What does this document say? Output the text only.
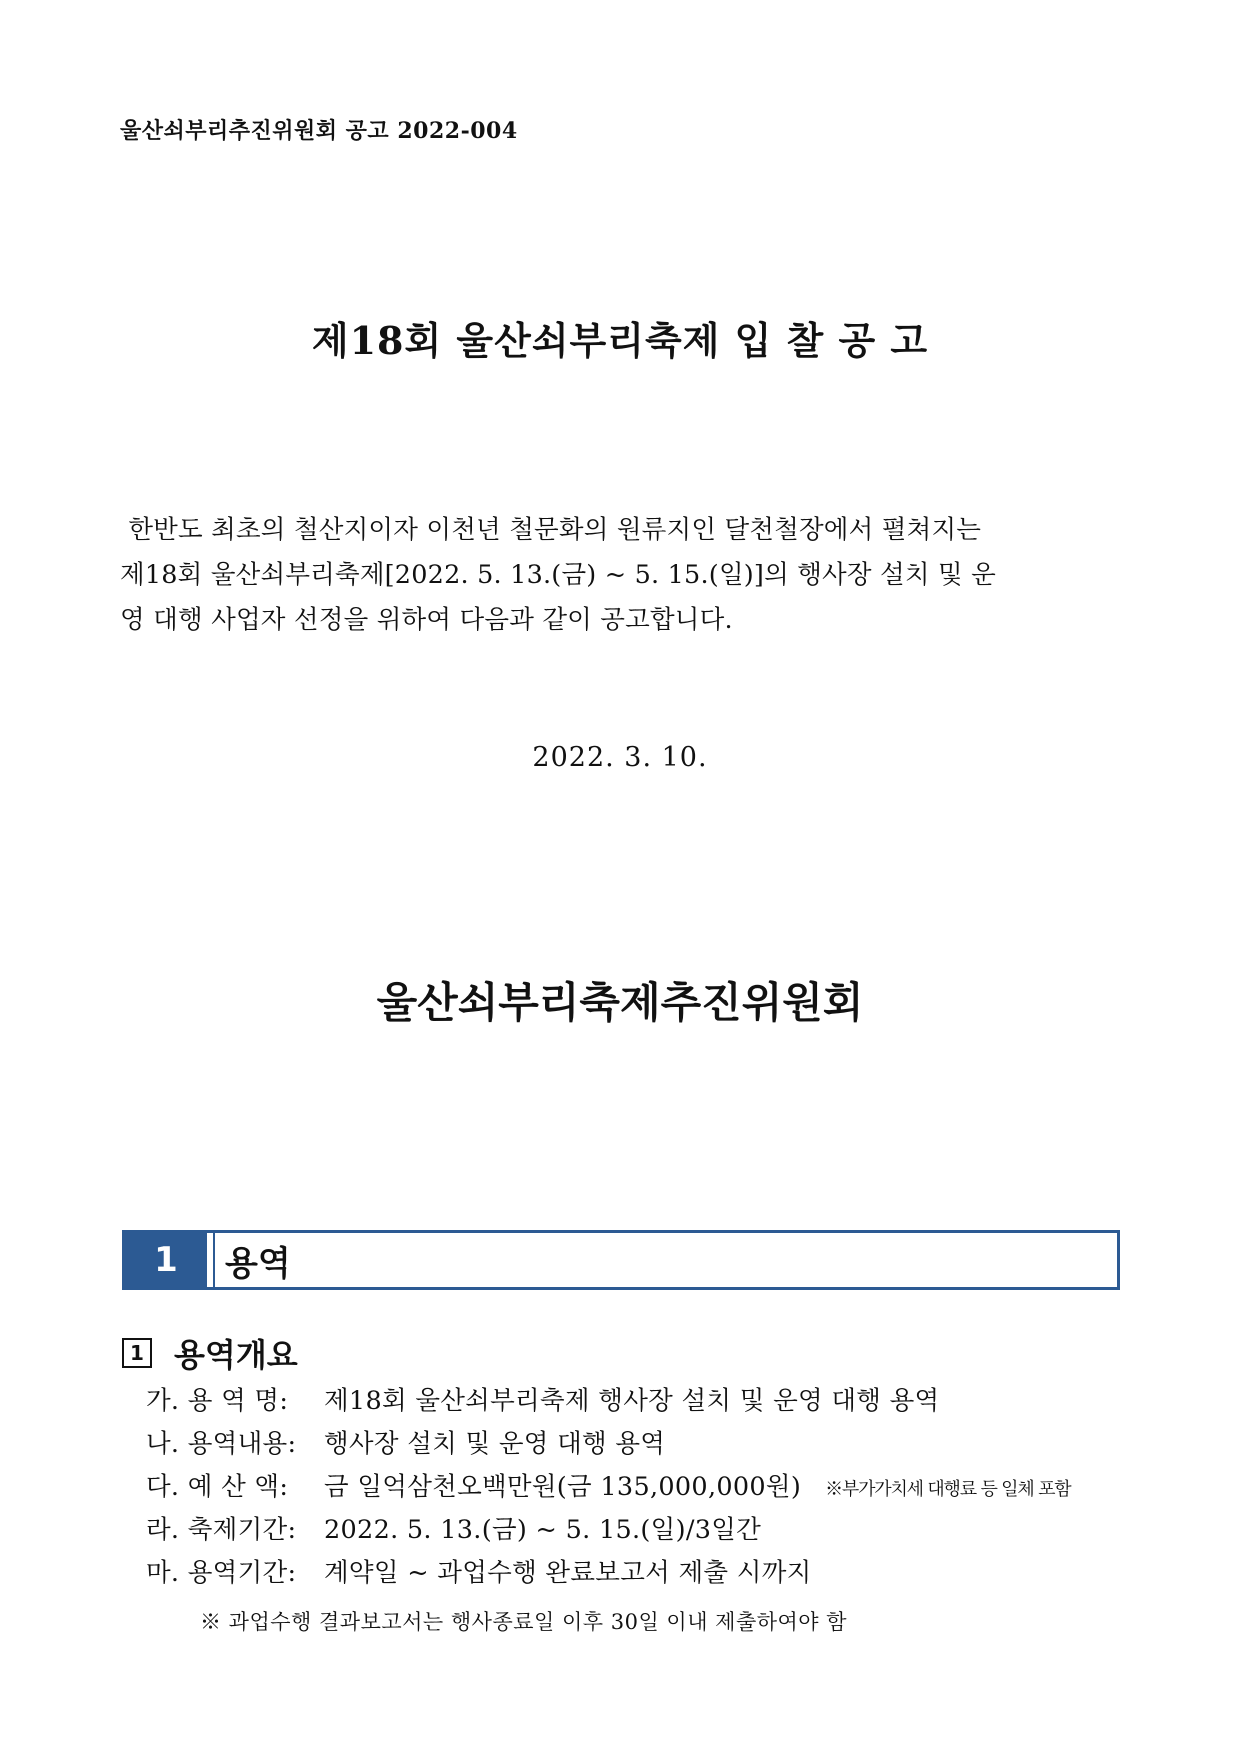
울산쇠부리추진위원회 공고 2022-004
제18회 울산쇠부리축제 입 찰 공 고
한반도 최초의 철산지이자 이천년 철문화의 원류지인 달천철장에서 펼쳐지는
제18회 울산쇠부리축제[2022. 5. 13.(금) ~ 5. 15.(일)]의 행사장 설치 및 운
영 대행 사업자 선정을 위하여 다음과 같이 공고합니다.
2022. 3. 10.
울산쇠부리축제추진위원회
1	용역
1 용역개요
가. 용 역 명: 제18회 울산쇠부리축제 행사장 설치 및 운영 대행 용역
나. 용역내용: 행사장 설치 및 운영 대행 용역
다. 예 산 액: 금 일억삼천오백만원(금 135,000,000원) ※부가가치세 대행료 등 일체 포함
라. 축제기간: 2022. 5. 13.(금) ~ 5. 15.(일)/3일간
마. 용역기간: 계약일 ~ 과업수행 완료보고서 제출 시까지
※ 과업수행 결과보고서는 행사종료일 이후 30일 이내 제출하여야 함
